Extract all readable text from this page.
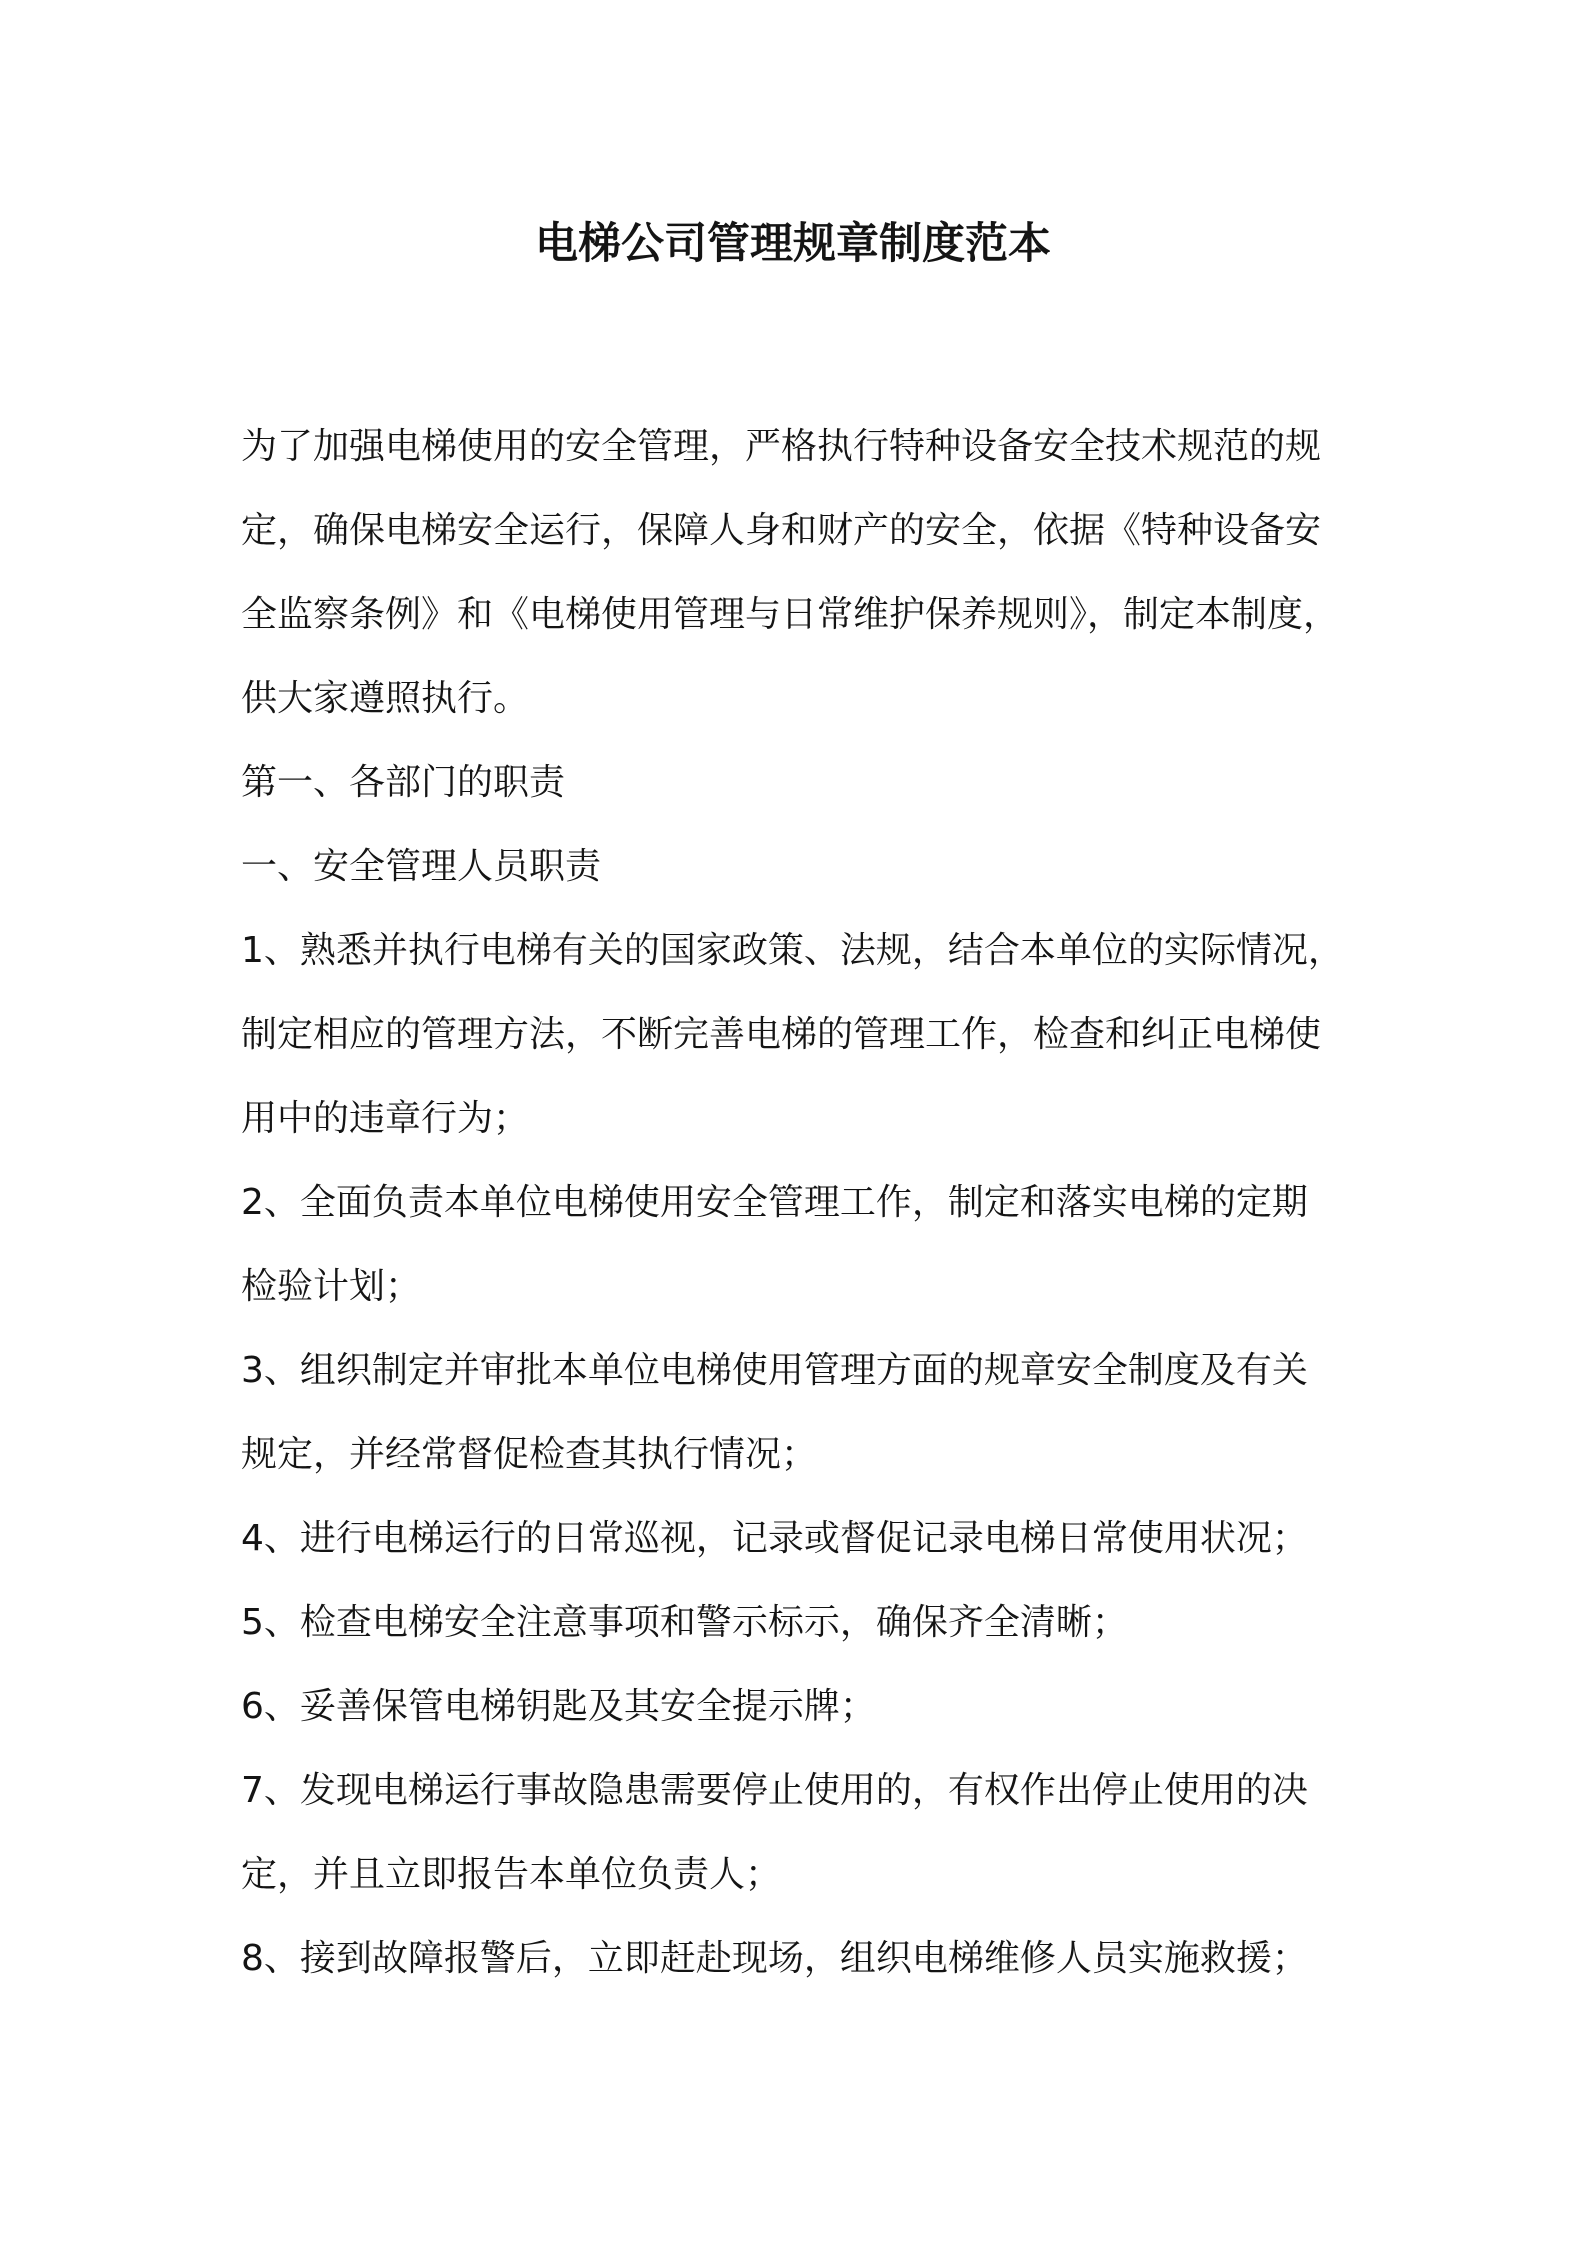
电梯公司管理规章制度范本

为了加强电梯使用的安全管理，严格执行特种设备安全技术规范的规
定，确保电梯安全运行，保障人身和财产的安全，依据《特种设备安
全监察条例》和《电梯使用管理与日常维护保养规则》，制定本制度，
供大家遵照执行。

第一、各部门的职责

一、安全管理人员职责

1、熟悉并执行电梯有关的国家政策、法规，结合本单位的实际情况，
制定相应的管理方法，不断完善电梯的管理工作，检查和纠正电梯使
用中的违章行为；

2、全面负责本单位电梯使用安全管理工作，制定和落实电梯的定期
检验计划；

3、组织制定并审批本单位电梯使用管理方面的规章安全制度及有关
规定，并经常督促检查其执行情况；

4、进行电梯运行的日常巡视，记录或督促记录电梯日常使用状况；

5、检查电梯安全注意事项和警示标示，确保齐全清晰；

6、妥善保管电梯钥匙及其安全提示牌；

7、发现电梯运行事故隐患需要停止使用的，有权作出停止使用的决
定，并且立即报告本单位负责人；

8、接到故障报警后，立即赶赴现场，组织电梯维修人员实施救援；
